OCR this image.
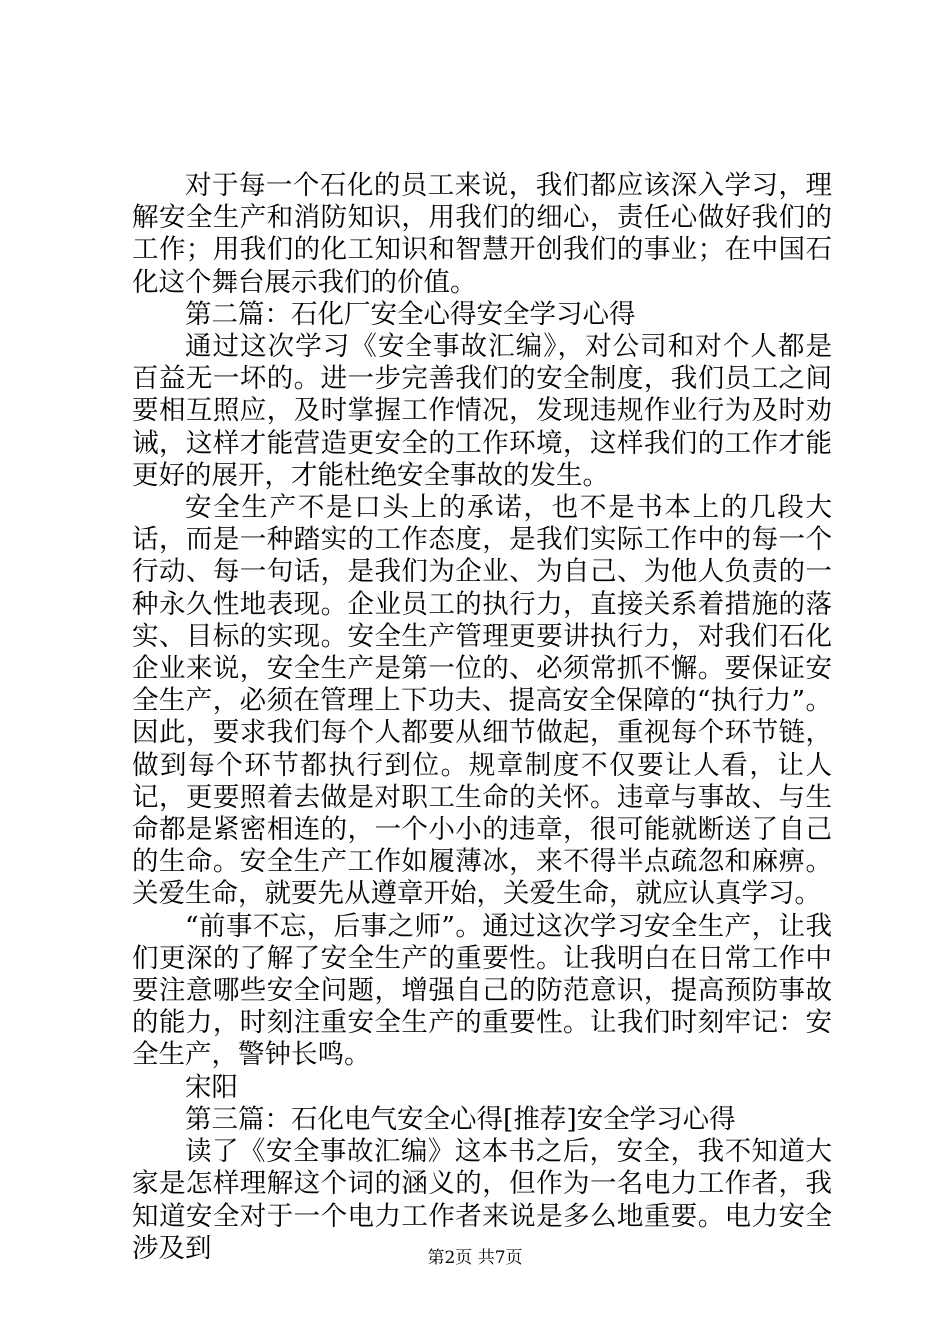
对于每一个石化的员工来说，我们都应该深入学习，理解安全生产和消防知识，用我们的细心，责任心做好我们的工作；用我们的化工知识和智慧开创我们的事业；在中国石化这个舞台展示我们的价值。

第二篇：石化厂安全心得安全学习心得

通过这次学习《安全事故汇编》，对公司和对个人都是百益无一坏的。进一步完善我们的安全制度，我们员工之间要相互照应，及时掌握工作情况，发现违规作业行为及时劝诫，这样才能营造更安全的工作环境，这样我们的工作才能更好的展开，才能杜绝安全事故的发生。

安全生产不是口头上的承诺，也不是书本上的几段大话，而是一种踏实的工作态度，是我们实际工作中的每一个行动、每一句话，是我们为企业、为自己、为他人负责的一种永久性地表现。企业员工的执行力，直接关系着措施的落实、目标的实现。安全生产管理更要讲执行力，对我们石化企业来说，安全生产是第一位的、必须常抓不懈。要保证安全生产，必须在管理上下功夫、提高安全保障的“执行力”。因此，要求我们每个人都要从细节做起，重视每个环节链，做到每个环节都执行到位。规章制度不仅要让人看，让人记，更要照着去做是对职工生命的关怀。违章与事故、与生命都是紧密相连的，一个小小的违章，很可能就断送了自己的生命。安全生产工作如履薄冰，来不得半点疏忽和麻痹。关爱生命，就要先从遵章开始，关爱生命，就应认真学习。

“前事不忘，后事之师”。通过这次学习安全生产，让我们更深的了解了安全生产的重要性。让我明白在日常工作中要注意哪些安全问题，增强自己的防范意识，提高预防事故的能力，时刻注重安全生产的重要性。让我们时刻牢记：安全生产，警钟长鸣。

宋阳

第三篇：石化电气安全心得[推荐]安全学习心得

读了《安全事故汇编》这本书之后，安全，我不知道大家是怎样理解这个词的涵义的，但作为一名电力工作者，我知道安全对于一个电力工作者来说是多么地重要。电力安全涉及到	第2页 共7页
